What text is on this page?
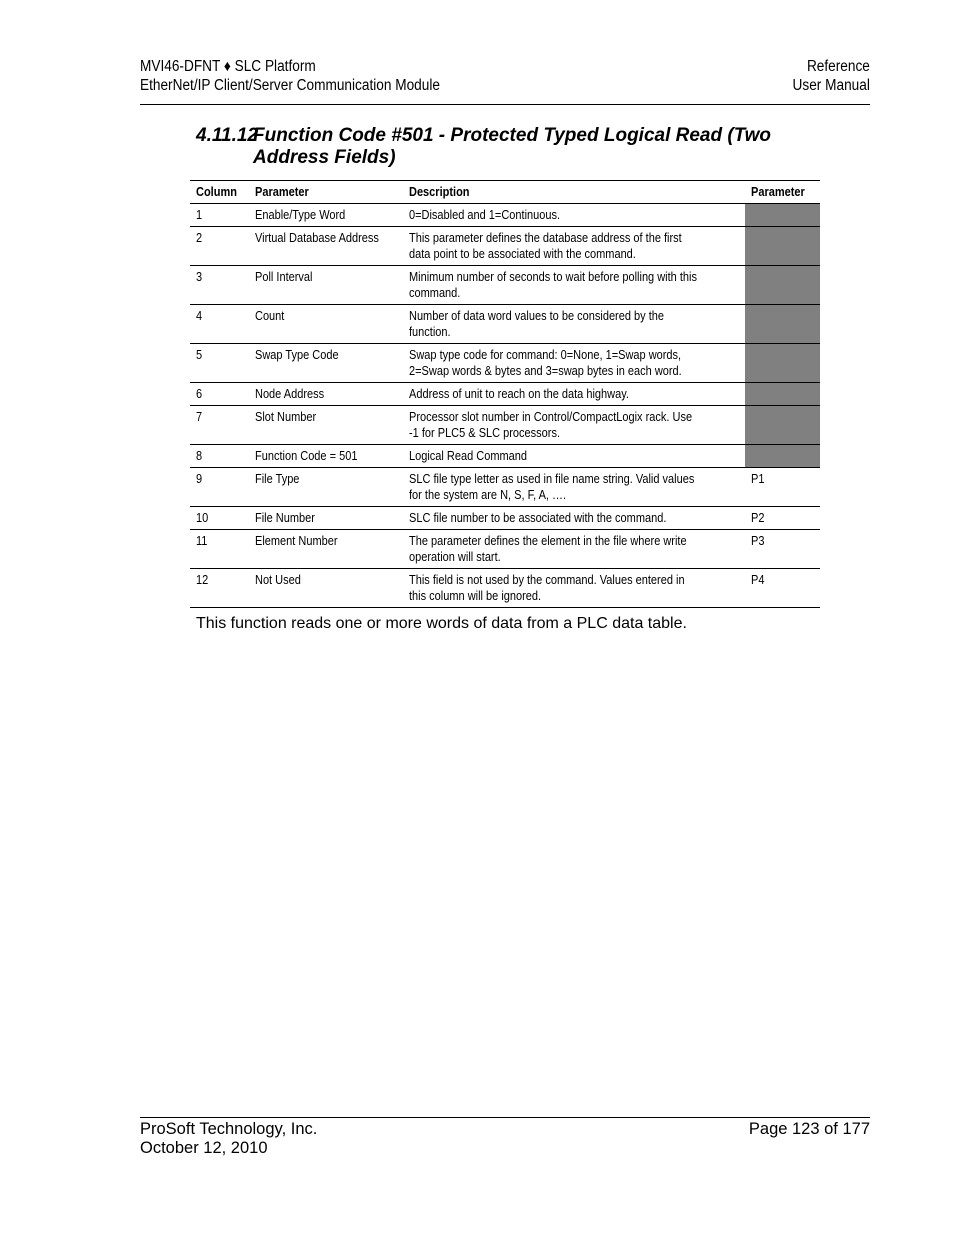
MVI46-DFNT ♦ SLC Platform
EtherNet/IP Client/Server Communication Module
Reference
User Manual
4.11.12Function Code #501 - Protected Typed Logical Read (Two
Address Fields)
Column	Parameter	Description	Parameter
1	Enable/Type Word	0=Disabled and 1=Continuous.	
2	Virtual Database Address	This parameter defines the database address of the first data point to be associated with the command.	
3	Poll Interval	Minimum number of seconds to wait before polling with this command.	
4	Count	Number of data word values to be considered by the function.	
5	Swap Type Code	Swap type code for command: 0=None, 1=Swap words, 2=Swap words & bytes and 3=swap bytes in each word.	
6	Node Address	Address of unit to reach on the data highway.	
7	Slot Number	Processor slot number in Control/CompactLogix rack. Use -1 for PLC5 & SLC processors.	
8	Function Code = 501	Logical Read Command	
9	File Type	SLC file type letter as used in file name string. Valid values for the system are N, S, F, A, ….	P1
10	File Number	SLC file number to be associated with the command.	P2
11	Element Number	The parameter defines the element in the file where write operation will start.	P3
12	Not Used	This field is not used by the command. Values entered in this column will be ignored.	P4
This function reads one or more words of data from a PLC data table.
ProSoft Technology, Inc.
October 12, 2010
Page 123 of 177
